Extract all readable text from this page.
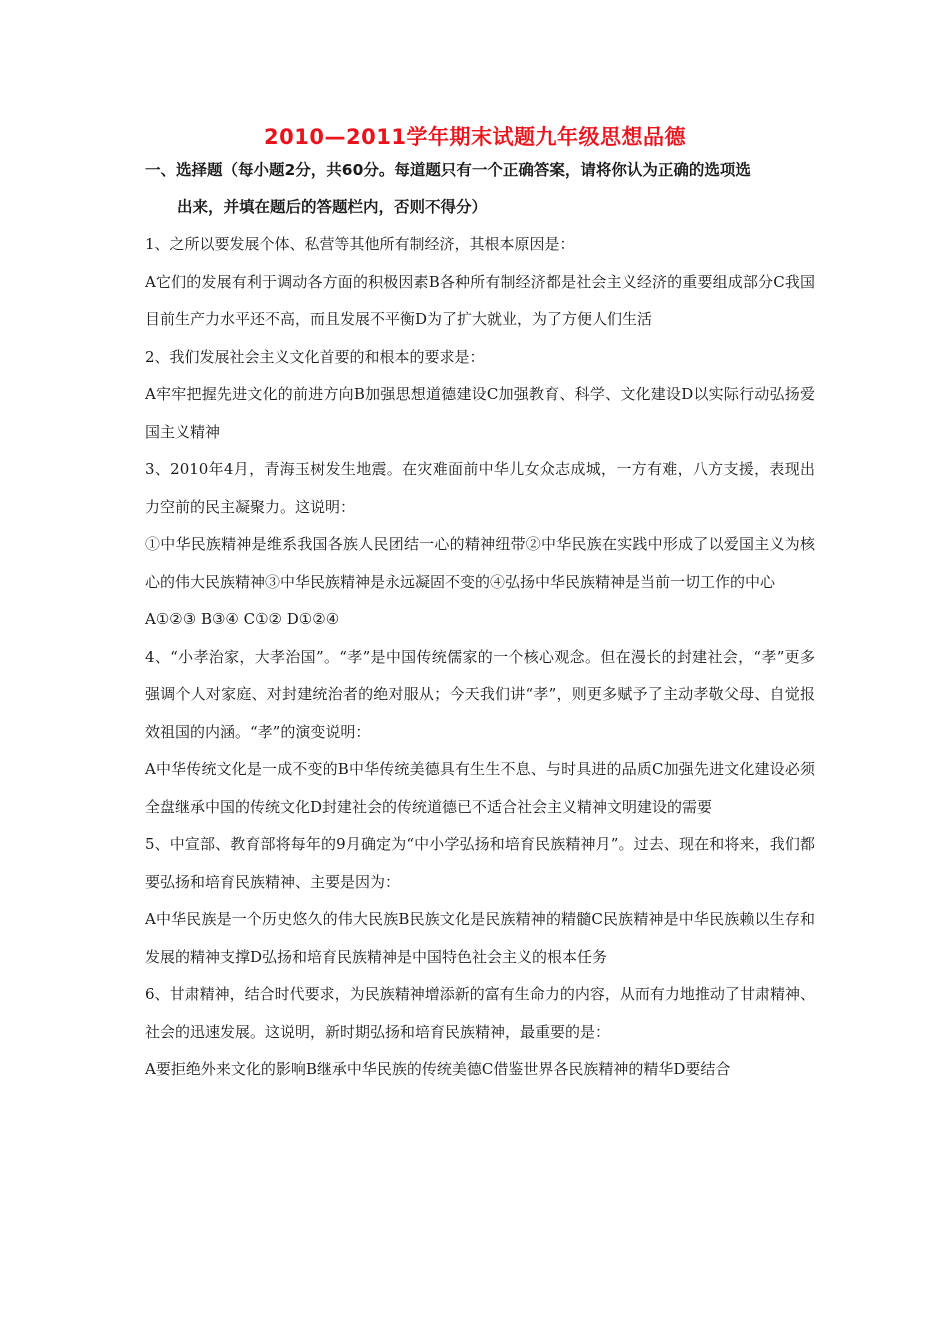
2010—2011学年期末试题九年级思想品德

一、选择题（每小题2分，共60分。每道题只有一个正确答案，请将你认为正确的选项选
出来，并填在题后的答题栏内，否则不得分）

1、之所以要发展个体、私营等其他所有制经济，其根本原因是：

A它们的发展有利于调动各方面的积极因素B各种所有制经济都是社会主义经济的重要组成部分C我国目前生产力水平还不高，而且发展不平衡D为了扩大就业，为了方便人们生活

2、我们发展社会主义文化首要的和根本的要求是：

A牢牢把握先进文化的前进方向B加强思想道德建设C加强教育、科学、文化建设D以实际行动弘扬爱国主义精神

3、2010年4月，青海玉树发生地震。在灾难面前中华儿女众志成城，一方有难，八方支援，表现出力空前的民主凝聚力。这说明：

①中华民族精神是维系我国各族人民团结一心的精神纽带②中华民族在实践中形成了以爱国主义为核心的伟大民族精神③中华民族精神是永远凝固不变的④弘扬中华民族精神是当前一切工作的中心

A①②③ B③④ C①② D①②④

4、“小孝治家，大孝治国”。“孝”是中国传统儒家的一个核心观念。但在漫长的封建社会，“孝”更多强调个人对家庭、对封建统治者的绝对服从；今天我们讲“孝”，则更多赋予了主动孝敬父母、自觉报效祖国的内涵。“孝”的演变说明：

A中华传统文化是一成不变的B中华传统美德具有生生不息、与时具进的品质C加强先进文化建设必须全盘继承中国的传统文化D封建社会的传统道德已不适合社会主义精神文明建设的需要

5、中宣部、教育部将每年的9月确定为“中小学弘扬和培育民族精神月”。过去、现在和将来，我们都要弘扬和培育民族精神、主要是因为：

A中华民族是一个历史悠久的伟大民族B民族文化是民族精神的精髓C民族精神是中华民族赖以生存和发展的精神支撑D弘扬和培育民族精神是中国特色社会主义的根本任务

6、甘肃精神，结合时代要求，为民族精神增添新的富有生命力的内容，从而有力地推动了甘肃精神、社会的迅速发展。这说明，新时期弘扬和培育民族精神，最重要的是：

A要拒绝外来文化的影响B继承中华民族的传统美德C借鉴世界各民族精神的精华D要结合
